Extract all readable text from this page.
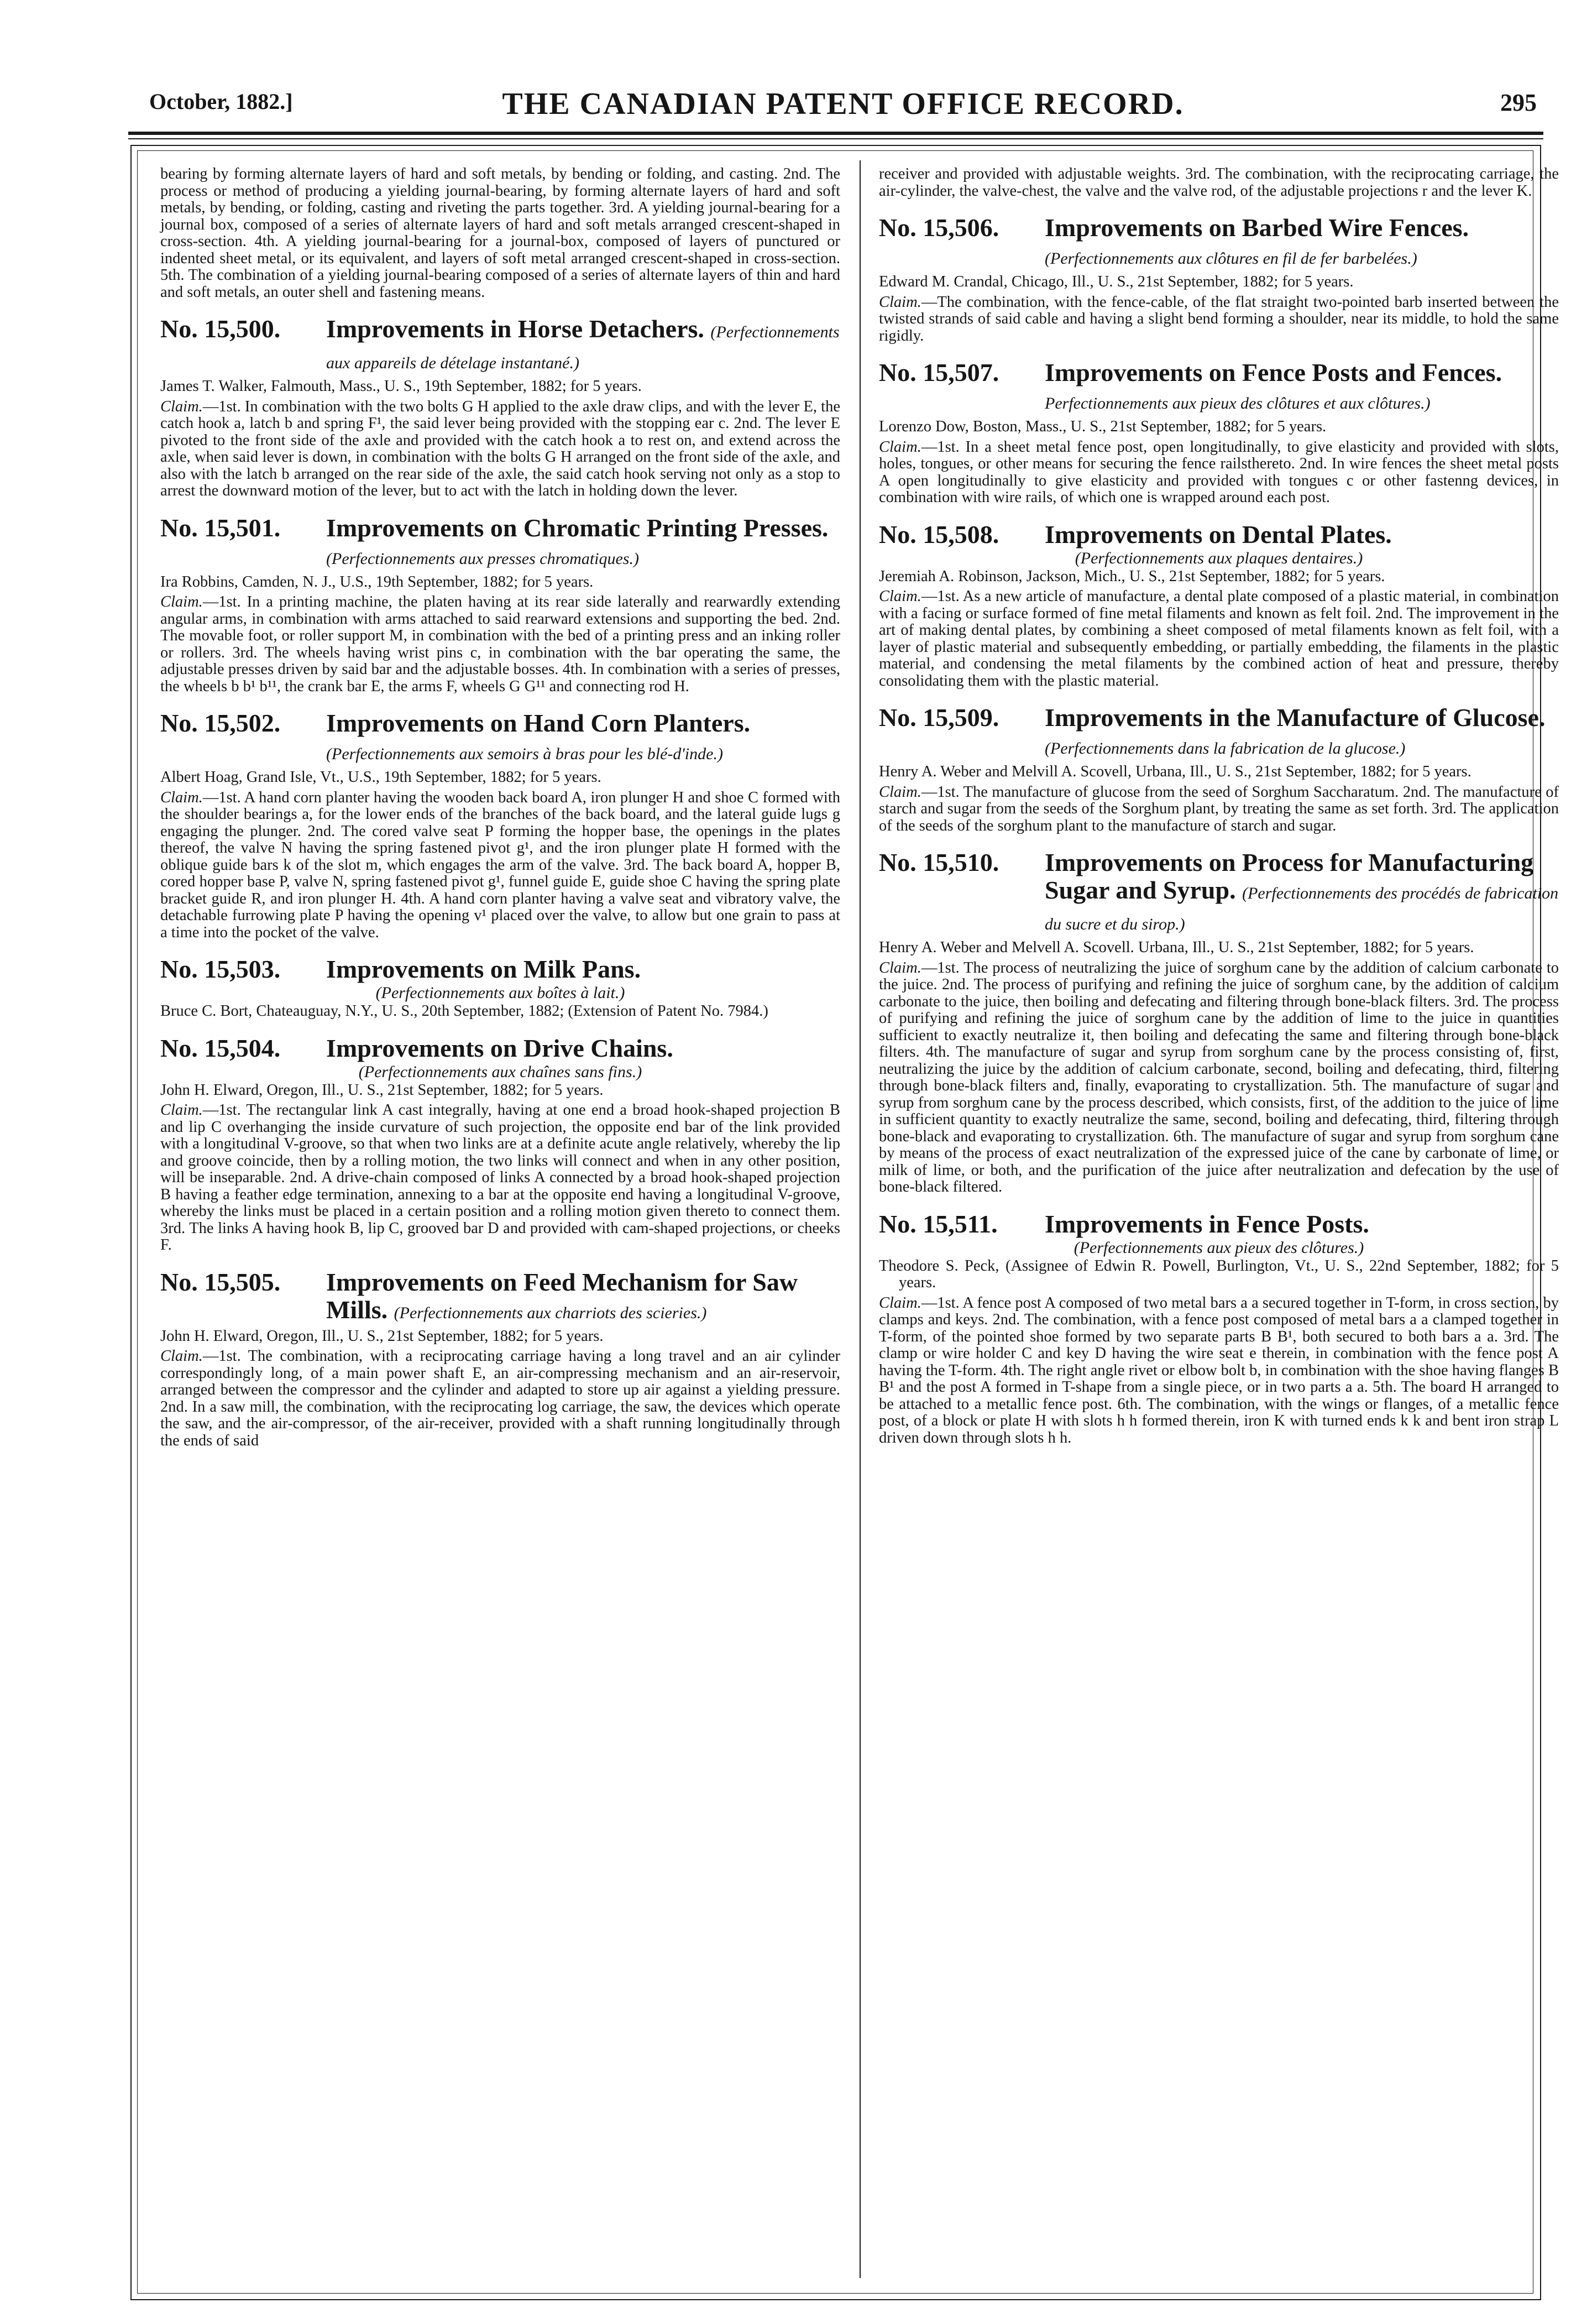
October, 1882.]	THE CANADIAN PATENT OFFICE RECORD.	295

bearing by forming alternate layers of hard and soft metals, by bending or folding, and casting. 2nd. The process or method of producing a yielding journal-bearing, by forming alternate layers of hard and soft metals, by bending, or folding, casting and riveting the parts together. 3rd. A yielding journal-bearing for a journal box, composed of a series of alternate layers of hard and soft metals arranged crescent-shaped in cross-section. 4th. A yielding journal-bearing for a journal-box, composed of layers of punctured or indented sheet metal, or its equivalent, and layers of soft metal arranged crescent-shaped in cross-section. 5th. The combination of a yielding journal-bearing composed of a series of alternate layers of thin and hard and soft metals, an outer shell and fastening means.

No. 15,500. Improvements in Horse Detachers. (Perfectionnements aux appareils de dételage instantané.)

James T. Walker, Falmouth, Mass., U. S., 19th September, 1882; for 5 years.

Claim.—1st. In combination with the two bolts G H applied to the axle draw clips, and with the lever E, the catch hook a, latch b and spring F¹, the said lever being provided with the stopping ear c. 2nd. The lever E pivoted to the front side of the axle and provided with the catch hook a to rest on, and extend across the axle, when said lever is down, in combination with the bolts G H arranged on the front side of the axle, and also with the latch b arranged on the rear side of the axle, the said catch hook serving not only as a stop to arrest the downward motion of the lever, but to act with the latch in holding down the lever.

No. 15,501. Improvements on Chromatic Printing Presses. (Perfectionnements aux presses chromatiques.)

Ira Robbins, Camden, N. J., U.S., 19th September, 1882; for 5 years.

Claim.—1st. In a printing machine, the platen having at its rear side laterally and rearwardly extending angular arms, in combination with arms attached to said rearward extensions and supporting the bed. 2nd. The movable foot, or roller support M, in combination with the bed of a printing press and an inking roller or rollers. 3rd. The wheels having wrist pins c, in combination with the bar operating the same, the adjustable presses driven by said bar and the adjustable bosses. 4th. In combination with a series of presses, the wheels b b¹ b¹¹, the crank bar E, the arms F, wheels G G¹¹ and connecting rod H.

No. 15,502. Improvements on Hand Corn Planters. (Perfectionnements aux semoirs à bras pour les blé-d'inde.)

Albert Hoag, Grand Isle, Vt., U.S., 19th September, 1882; for 5 years.

Claim.—1st. A hand corn planter having the wooden back board A, iron plunger H and shoe C formed with the shoulder bearings a, for the lower ends of the branches of the back board, and the lateral guide lugs g engaging the plunger. 2nd. The cored valve seat P forming the hopper base, the openings in the plates thereof, the valve N having the spring fastened pivot g¹, and the iron plunger plate H formed with the oblique guide bars k of the slot m, which engages the arm of the valve. 3rd. The back board A, hopper B, cored hopper base P, valve N, spring fastened pivot g¹, funnel guide E, guide shoe C having the spring plate bracket guide R, and iron plunger H. 4th. A hand corn planter having a valve seat and vibratory valve, the detachable furrowing plate P having the opening v¹ placed over the valve, to allow but one grain to pass at a time into the pocket of the valve.

No. 15,503. Improvements on Milk Pans.

(Perfectionnements aux boîtes à lait.)

Bruce C. Bort, Chateauguay, N.Y., U. S., 20th September, 1882; (Extension of Patent No. 7984.)

No. 15,504. Improvements on Drive Chains.

(Perfectionnements aux chaînes sans fins.)

John H. Elward, Oregon, Ill., U. S., 21st September, 1882; for 5 years.

Claim.—1st. The rectangular link A cast integrally, having at one end a broad hook-shaped projection B and lip C overhanging the inside curvature of such projection, the opposite end bar of the link provided with a longitudinal V-groove, so that when two links are at a definite acute angle relatively, whereby the lip and groove coincide, then by a rolling motion, the two links will connect and when in any other position, will be inseparable. 2nd. A drive-chain composed of links A connected by a broad hook-shaped projection B having a feather edge termination, annexing to a bar at the opposite end having a longitudinal V-groove, whereby the links must be placed in a certain position and a rolling motion given thereto to connect them. 3rd. The links A having hook B, lip C, grooved bar D and provided with cam-shaped projections, or cheeks F.

No. 15,505. Improvements on Feed Mechanism for Saw Mills. (Perfectionnements aux charriots des scieries.)

John H. Elward, Oregon, Ill., U. S., 21st September, 1882; for 5 years.

Claim.—1st. The combination, with a reciprocating carriage having a long travel and an air cylinder correspondingly long, of a main power shaft E, an air-compressing mechanism and an air-reservoir, arranged between the compressor and the cylinder and adapted to store up air against a yielding pressure. 2nd. In a saw mill, the combination, with the reciprocating log carriage, the saw, the devices which operate the saw, and the air-compressor, of the air-receiver, provided with a shaft running longitudinally through the ends of said

receiver and provided with adjustable weights. 3rd. The combination, with the reciprocating carriage, the air-cylinder, the valve-chest, the valve and the valve rod, of the adjustable projections r and the lever K.

No. 15,506. Improvements on Barbed Wire Fences. (Perfectionnements aux clôtures en fil de fer barbelées.)

Edward M. Crandal, Chicago, Ill., U. S., 21st September, 1882; for 5 years.

Claim.—The combination, with the fence-cable, of the flat straight two-pointed barb inserted between the twisted strands of said cable and having a slight bend forming a shoulder, near its middle, to hold the same rigidly.

No. 15,507. Improvements on Fence Posts and Fences. Perfectionnements aux pieux des clôtures et aux clôtures.)

Lorenzo Dow, Boston, Mass., U. S., 21st September, 1882; for 5 years.

Claim.—1st. In a sheet metal fence post, open longitudinally, to give elasticity and provided with slots, holes, tongues, or other means for securing the fence railsthereto. 2nd. In wire fences the sheet metal posts A open longitudinally to give elasticity and provided with tongues c or other fastenng devices, in combination with wire rails, of which one is wrapped around each post.

No. 15,508. Improvements on Dental Plates.

(Perfectionnements aux plaques dentaires.)

Jeremiah A. Robinson, Jackson, Mich., U. S., 21st September, 1882; for 5 years.

Claim.—1st. As a new article of manufacture, a dental plate composed of a plastic material, in combination with a facing or surface formed of fine metal filaments and known as felt foil. 2nd. The improvement in the art of making dental plates, by combining a sheet composed of metal filaments known as felt foil, with a layer of plastic material and subsequently embedding, or partially embedding, the filaments in the plastic material, and condensing the metal filaments by the combined action of heat and pressure, thereby consolidating them with the plastic material.

No. 15,509. Improvements in the Manufacture of Glucose. (Perfectionnements dans la fabrication de la glucose.)

Henry A. Weber and Melvill A. Scovell, Urbana, Ill., U. S., 21st September, 1882; for 5 years.

Claim.—1st. The manufacture of glucose from the seed of Sorghum Saccharatum. 2nd. The manufacture of starch and sugar from the seeds of the Sorghum plant, by treating the same as set forth. 3rd. The application of the seeds of the sorghum plant to the manufacture of starch and sugar.

No. 15,510. Improvements on Process for Manufacturing Sugar and Syrup. (Perfectionnements des procédés de fabrication du sucre et du sirop.)

Henry A. Weber and Melvell A. Scovell. Urbana, Ill., U. S., 21st September, 1882; for 5 years.

Claim.—1st. The process of neutralizing the juice of sorghum cane by the addition of calcium carbonate to the juice. 2nd. The process of purifying and refining the juice of sorghum cane, by the addition of calcium carbonate to the juice, then boiling and defecating and filtering through bone-black filters. 3rd. The process of purifying and refining the juice of sorghum cane by the addition of lime to the juice in quantities sufficient to exactly neutralize it, then boiling and defecating the same and filtering through bone-black filters. 4th. The manufacture of sugar and syrup from sorghum cane by the process consisting of, first, neutralizing the juice by the addition of calcium carbonate, second, boiling and defecating, third, filtering through bone-black filters and, finally, evaporating to crystallization. 5th. The manufacture of sugar and syrup from sorghum cane by the process described, which consists, first, of the addition to the juice of lime in sufficient quantity to exactly neutralize the same, second, boiling and defecating, third, filtering through bone-black and evaporating to crystallization. 6th. The manufacture of sugar and syrup from sorghum cane by means of the process of exact neutralization of the expressed juice of the cane by carbonate of lime, or milk of lime, or both, and the purification of the juice after neutralization and defecation by the use of bone-black filtered.

No. 15,511. Improvements in Fence Posts.

(Perfectionnements aux pieux des clôtures.)

Theodore S. Peck, (Assignee of Edwin R. Powell, Burlington, Vt., U. S., 22nd September, 1882; for 5 years.

Claim.—1st. A fence post A composed of two metal bars a a secured together in T-form, in cross section, by clamps and keys. 2nd. The combination, with a fence post composed of metal bars a a clamped together in T-form, of the pointed shoe formed by two separate parts B B¹, both secured to both bars a a. 3rd. The clamp or wire holder C and key D having the wire seat e therein, in combination with the fence post A having the T-form. 4th. The right angle rivet or elbow bolt b, in combination with the shoe having flanges B B¹ and the post A formed in T-shape from a single piece, or in two parts a a. 5th. The board H arranged to be attached to a metallic fence post. 6th. The combination, with the wings or flanges, of a metallic fence post, of a block or plate H with slots h h formed therein, iron K with turned ends k k and bent iron strap L driven down through slots h h.
